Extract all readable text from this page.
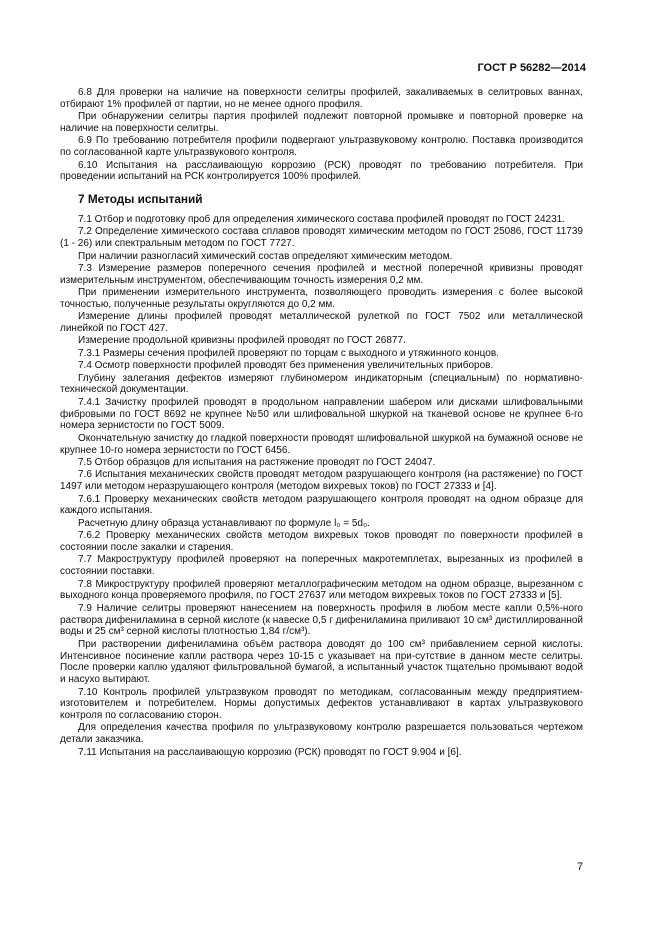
ГОСТ Р 56282—2014

6.8 Для проверки на наличие на поверхности селитры профилей, закаливаемых в селитровых ваннах, отбирают 1% профилей от партии, но не менее одного профиля.

При обнаружении селитры партия профилей подлежит повторной промывке и повторной проверке на наличие на поверхности селитры.

6.9 По требованию потребителя профили подвергают ультразвуковому контролю. Поставка производится по согласованной карте ультразвукового контроля.

6.10 Испытания на расслаивающую коррозию (РСК) проводят по требованию потребителя. При проведении испытаний на РСК контролируется 100% профилей.

7 Методы испытаний

7.1 Отбор и подготовку проб для определения химического состава профилей проводят по ГОСТ 24231.

7.2 Определение химического состава сплавов проводят химическим методом по ГОСТ 25086, ГОСТ 11739 (1 - 26) или спектральным методом по ГОСТ 7727.

При наличии разногласий химический состав определяют химическим методом.

7.3 Измерение размеров поперечного сечения профилей и местной поперечной кривизны проводят измерительным инструментом, обеспечивающим точность измерения 0,2 мм.

При применении измерительного инструмента, позволяющего проводить измерения с более высокой точностью, полученные результаты округляются до 0,2 мм.

Измерение длины профилей проводят металлической рулеткой по ГОСТ 7502 или металлической линейкой по ГОСТ 427.

Измерение продольной кривизны профилей проводят по ГОСТ 26877.

7.3.1 Размеры сечения профилей проверяют по торцам с выходного и утяжинного концов.

7.4 Осмотр поверхности профилей проводят без применения увеличительных приборов.

Глубину залегания дефектов измеряют глубиномером индикаторным (специальным) по нормативно-технической документации.

7.4.1 Зачистку профилей проводят в продольном направлении шабером или дисками шлифовальными фибровыми по ГОСТ 8692 не крупнее №50 или шлифовальной шкуркой на тканевой основе не крупнее 6-го номера зернистости по ГОСТ 5009.

Окончательную зачистку до гладкой поверхности проводят шлифовальной шкуркой на бумажной основе не крупнее 10-го номера зернистости по ГОСТ 6456.

7.5 Отбор образцов для испытания на растяжение проводят по ГОСТ 24047.

7.6 Испытания механических свойств проводят методом разрушающего контроля (на растяжение) по ГОСТ 1497 или методом неразрушающего контроля (методом вихревых токов) по ГОСТ 27333 и [4].

7.6.1 Проверку механических свойств методом разрушающего контроля проводят на одном образце для каждого испытания.

Расчетную длину образца устанавливают по формуле l₀ = 5d₀.

7.6.2 Проверку механических свойств методом вихревых токов проводят по поверхности профилей в состоянии после закалки и старения.

7.7 Макроструктуру профилей проверяют на поперечных макротемплетах, вырезанных из профилей в состоянии поставки.

7.8 Микроструктуру профилей проверяют металлографическим методом на одном образце, вырезанном с выходного конца проверяемого профиля, по ГОСТ 27637 или методом вихревых токов по ГОСТ 27333 и [5].

7.9 Наличие селитры проверяют нанесением на поверхность профиля в любом месте капли 0,5%-ного раствора дифениламина в серной кислоте (к навеске 0,5 г дифениламина приливают 10 см³ дистиллированной воды и 25 см³ серной кислоты плотностью 1,84 г/см³).

При растворении дифениламина объём раствора доводят до 100 см³ прибавлением серной кислоты. Интенсивное посинение капли раствора через 10-15 с указывает на при-сутствие в данном месте селитры. После проверки каплю удаляют фильтровальной бумагой, а испытанный участок тщательно промывают водой и насухо вытирают.

7.10 Контроль профилей ультразвуком проводят по методикам, согласованным между предприятием-изготовителем и потребителем. Нормы допустимых дефектов устанавливают в картах ультразвукового контроля по согласованию сторон.

Для определения качества профиля по ультразвуковому контролю разрешается пользоваться чертежом детали заказчика.

7.11 Испытания на расслаивающую коррозию (РСК) проводят по ГОСТ 9.904 и [6].

7
